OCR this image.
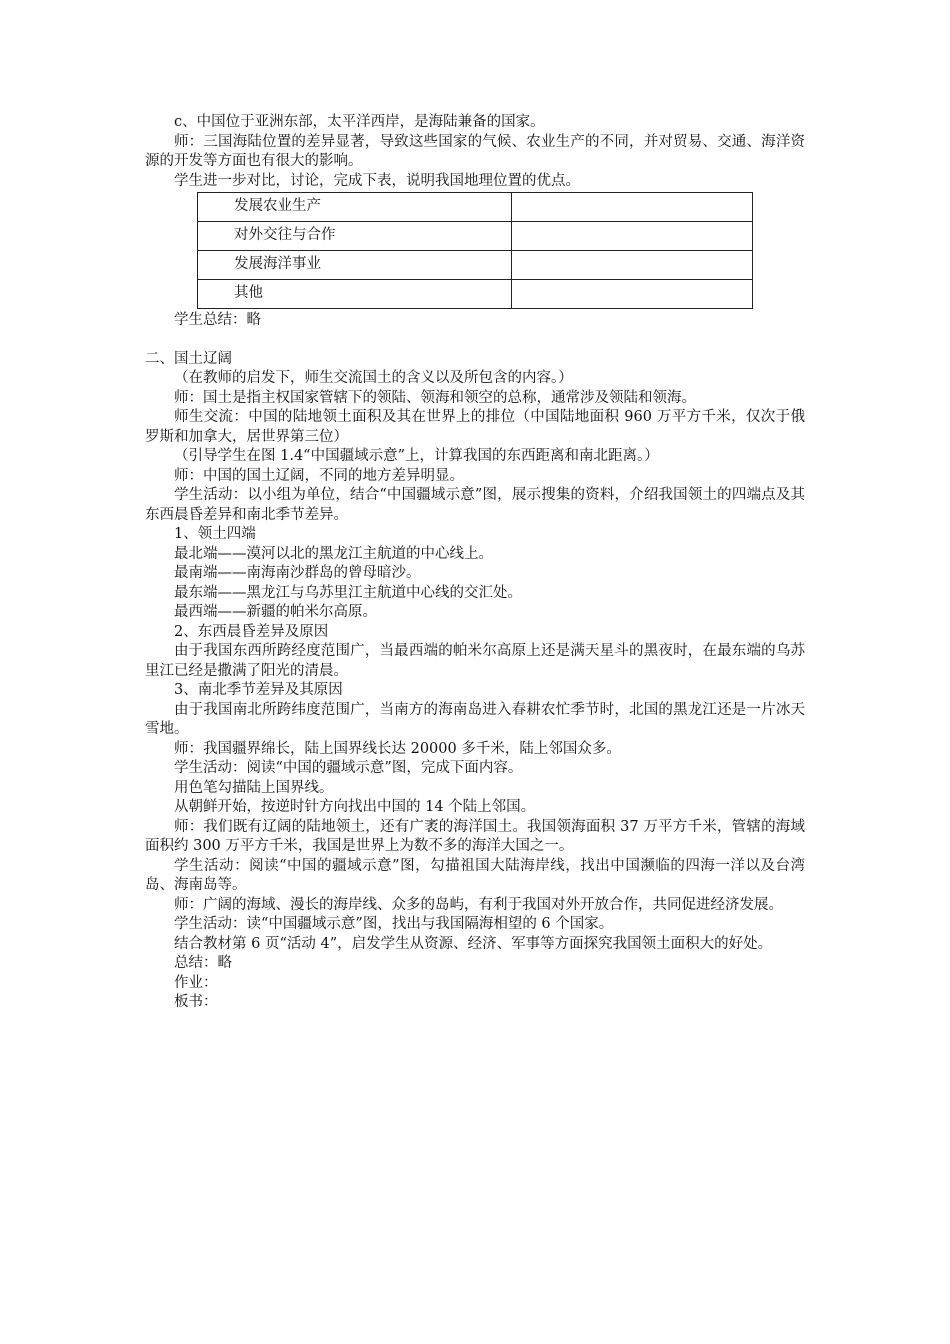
c、中国位于亚洲东部，太平洋西岸，是海陆兼备的国家。

师：三国海陆位置的差异显著，导致这些国家的气候、农业生产的不同，并对贸易、交通、海洋资源的开发等方面也有很大的影响。

学生进一步对比，讨论，完成下表，说明我国地理位置的优点。

发展农业生产	
对外交往与合作	
发展海洋事业	
其他	

学生总结：略

二、国土辽阔

（在教师的启发下，师生交流国土的含义以及所包含的内容。）

师：国土是指主权国家管辖下的领陆、领海和领空的总称，通常涉及领陆和领海。

师生交流：中国的陆地领土面积及其在世界上的排位（中国陆地面积 960 万平方千米，仅次于俄罗斯和加拿大，居世界第三位）

（引导学生在图 1.4“中国疆域示意”上，计算我国的东西距离和南北距离。）

师：中国的国土辽阔，不同的地方差异明显。

学生活动：以小组为单位，结合“中国疆域示意”图，展示搜集的资料，介绍我国领土的四端点及其东西晨昏差异和南北季节差异。

1、领土四端

最北端——漠河以北的黑龙江主航道的中心线上。

最南端——南海南沙群岛的曾母暗沙。

最东端——黑龙江与乌苏里江主航道中心线的交汇处。

最西端——新疆的帕米尔高原。

2、东西晨昏差异及原因

由于我国东西所跨经度范围广，当最西端的帕米尔高原上还是满天星斗的黑夜时，在最东端的乌苏里江已经是撒满了阳光的清晨。

3、南北季节差异及其原因

由于我国南北所跨纬度范围广，当南方的海南岛进入春耕农忙季节时，北国的黑龙江还是一片冰天雪地。

师：我国疆界绵长，陆上国界线长达 20000 多千米，陆上邻国众多。

学生活动：阅读“中国的疆域示意”图，完成下面内容。

用色笔勾描陆上国界线。

从朝鲜开始，按逆时针方向找出中国的 14 个陆上邻国。

师：我们既有辽阔的陆地领土，还有广袤的海洋国土。我国领海面积 37 万平方千米，管辖的海域面积约 300 万平方千米，我国是世界上为数不多的海洋大国之一。

学生活动：阅读“中国的疆域示意”图，勾描祖国大陆海岸线，找出中国濒临的四海一洋以及台湾岛、海南岛等。

师：广阔的海域、漫长的海岸线、众多的岛屿，有利于我国对外开放合作，共同促进经济发展。

学生活动：读“中国疆域示意”图，找出与我国隔海相望的 6 个国家。

结合教材第 6 页“活动 4”，启发学生从资源、经济、军事等方面探究我国领土面积大的好处。

总结：略

作业：

板书：
